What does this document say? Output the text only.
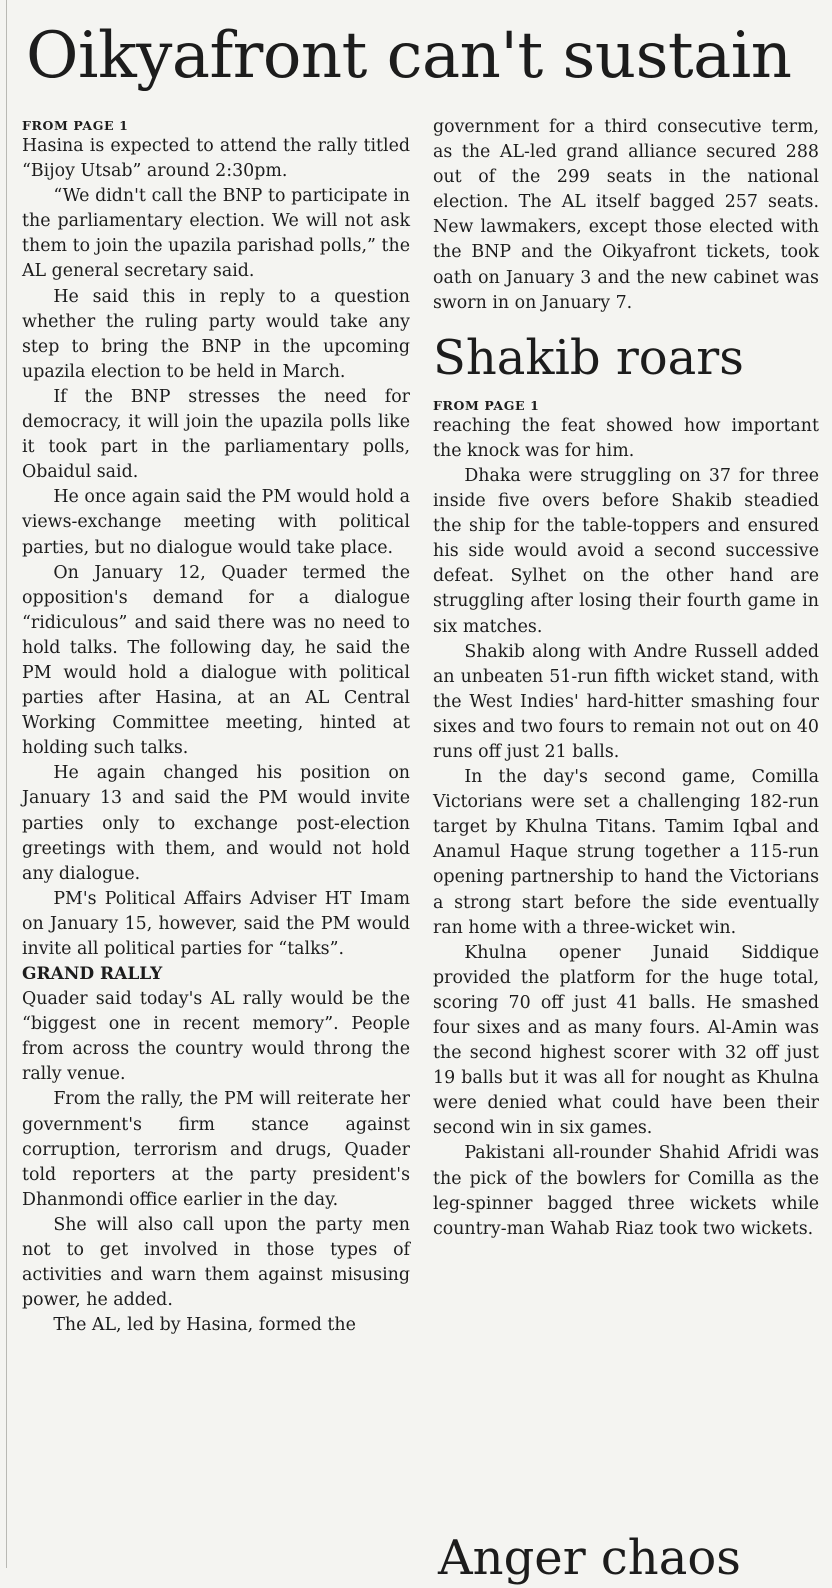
Oikyafront can't sustain
FROM PAGE 1

Hasina is expected to attend the rally titled “Bijoy Utsab” around 2:30pm.

“We didn't call the BNP to participate in the parliamentary election. We will not ask them to join the upazila parishad polls,” the AL general secretary said.

He said this in reply to a question whether the ruling party would take any step to bring the BNP in the upcoming upazila election to be held in March.

If the BNP stresses the need for democracy, it will join the upazila polls like it took part in the parliamentary polls, Obaidul said.

He once again said the PM would hold a views-exchange meeting with political parties, but no dialogue would take place.

On January 12, Quader termed the opposition's demand for a dialogue “ridiculous” and said there was no need to hold talks. The following day, he said the PM would hold a dialogue with political parties after Hasina, at an AL Central Working Committee meeting, hinted at holding such talks.

He again changed his position on January 13 and said the PM would invite parties only to exchange post-election greetings with them, and would not hold any dialogue.

PM's Political Affairs Adviser HT Imam on January 15, however, said the PM would invite all political parties for “talks”.

GRAND RALLY

Quader said today's AL rally would be the “biggest one in recent memory”. People from across the country would throng the rally venue.

From the rally, the PM will reiterate her government's firm stance against corruption, terrorism and drugs, Quader told reporters at the party president's Dhanmondi office earlier in the day.

She will also call upon the party men not to get involved in those types of activities and warn them against misusing power, he added.

The AL, led by Hasina, formed the

government for a third consecutive term, as the AL-led grand alliance secured 288 out of the 299 seats in the national election. The AL itself bagged 257 seats. New lawmakers, except those elected with the BNP and the Oikyafront tickets, took oath on January 3 and the new cabinet was sworn in on January 7.

Shakib roars
FROM PAGE 1

reaching the feat showed how important the knock was for him.

Dhaka were struggling on 37 for three inside five overs before Shakib steadied the ship for the table-toppers and ensured his side would avoid a second successive defeat. Sylhet on the other hand are struggling after losing their fourth game in six matches.

Shakib along with Andre Russell added an unbeaten 51-run fifth wicket stand, with the West Indies' hard-hitter smashing four sixes and two fours to remain not out on 40 runs off just 21 balls.

In the day's second game, Comilla Victorians were set a challenging 182-run target by Khulna Titans. Tamim Iqbal and Anamul Haque strung together a 115-run opening partnership to hand the Victorians a strong start before the side eventually ran home with a three-wicket win.

Khulna opener Junaid Siddique provided the platform for the huge total, scoring 70 off just 41 balls. He smashed four sixes and as many fours. Al-Amin was the second highest scorer with 32 off just 19 balls but it was all for nought as Khulna were denied what could have been their second win in six games.

Pakistani all-rounder Shahid Afridi was the pick of the bowlers for Comilla as the leg-spinner bagged three wickets while country-man Wahab Riaz took two wickets.

Anger chaos
